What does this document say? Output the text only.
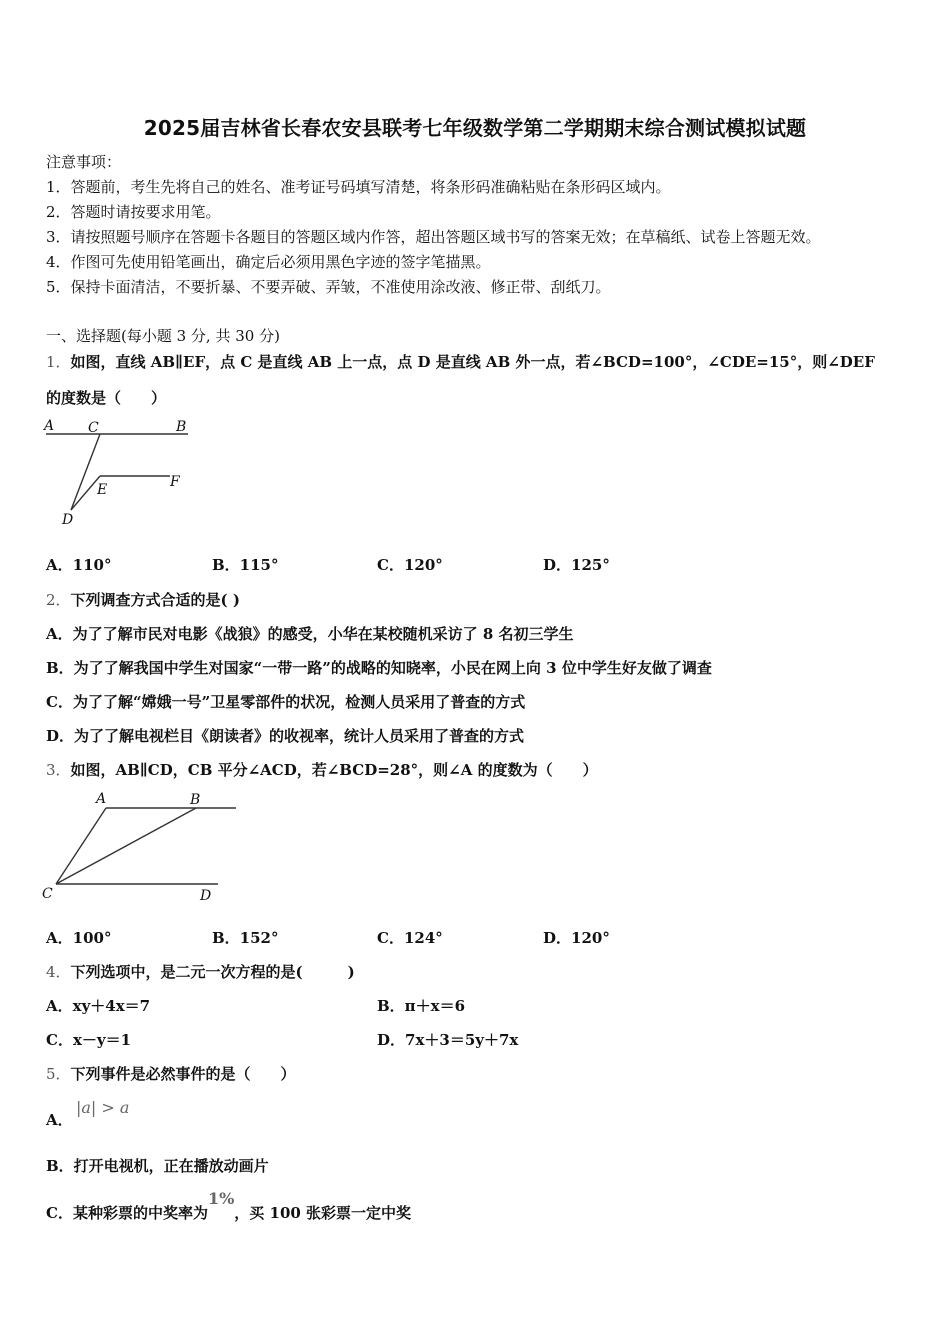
2025届吉林省长春农安县联考七年级数学第二学期期末综合测试模拟试题
注意事项：
1．答题前，考生先将自己的姓名、准考证号码填写清楚，将条形码准确粘贴在条形码区域内。
2．答题时请按要求用笔。
3．请按照题号顺序在答题卡各题目的答题区域内作答，超出答题区域书写的答案无效；在草稿纸、试卷上答题无效。
4．作图可先使用铅笔画出，确定后必须用黑色字迹的签字笔描黑。
5．保持卡面清洁，不要折暴、不要弄破、弄皱，不准使用涂改液、修正带、刮纸刀。
一、选择题(每小题 3 分, 共 30 分)
1．如图，直线 AB∥EF，点 C 是直线 AB 上一点，点 D 是直线 AB 外一点，若∠BCD=100°，∠CDE=15°，则∠DEF
的度数是（　　）
A C	B
E	F
D
A．110°	B．115°	C．120°	D．125°
2．下列调查方式合适的是( )
A．为了了解市民对电影《战狼》的感受，小华在某校随机采访了 8 名初三学生
B．为了了解我国中学生对国家“一带一路”的战略的知晓率，小民在网上向 3 位中学生好友做了调查
C．为了了解“嫦娥一号”卫星零部件的状况，检测人员采用了普查的方式
D．为了了解电视栏目《朗读者》的收视率，统计人员采用了普查的方式
3．如图，AB∥CD，CB 平分∠ACD，若∠BCD=28°，则∠A 的度数为（　　）
A	B
C	D
A．100°	B．152°	C．124°	D．120°
4．下列选项中，是二元一次方程的是(　　　)
A．xy＋4x＝7	B．π＋x＝6
C．x－y＝1	D．7x＋3＝5y＋7x
5．下列事件是必然事件的是（　　）
A．
|a| > a
B．打开电视机，正在播放动画片
C．某种彩票的中奖率为1%，买 100 张彩票一定中奖
